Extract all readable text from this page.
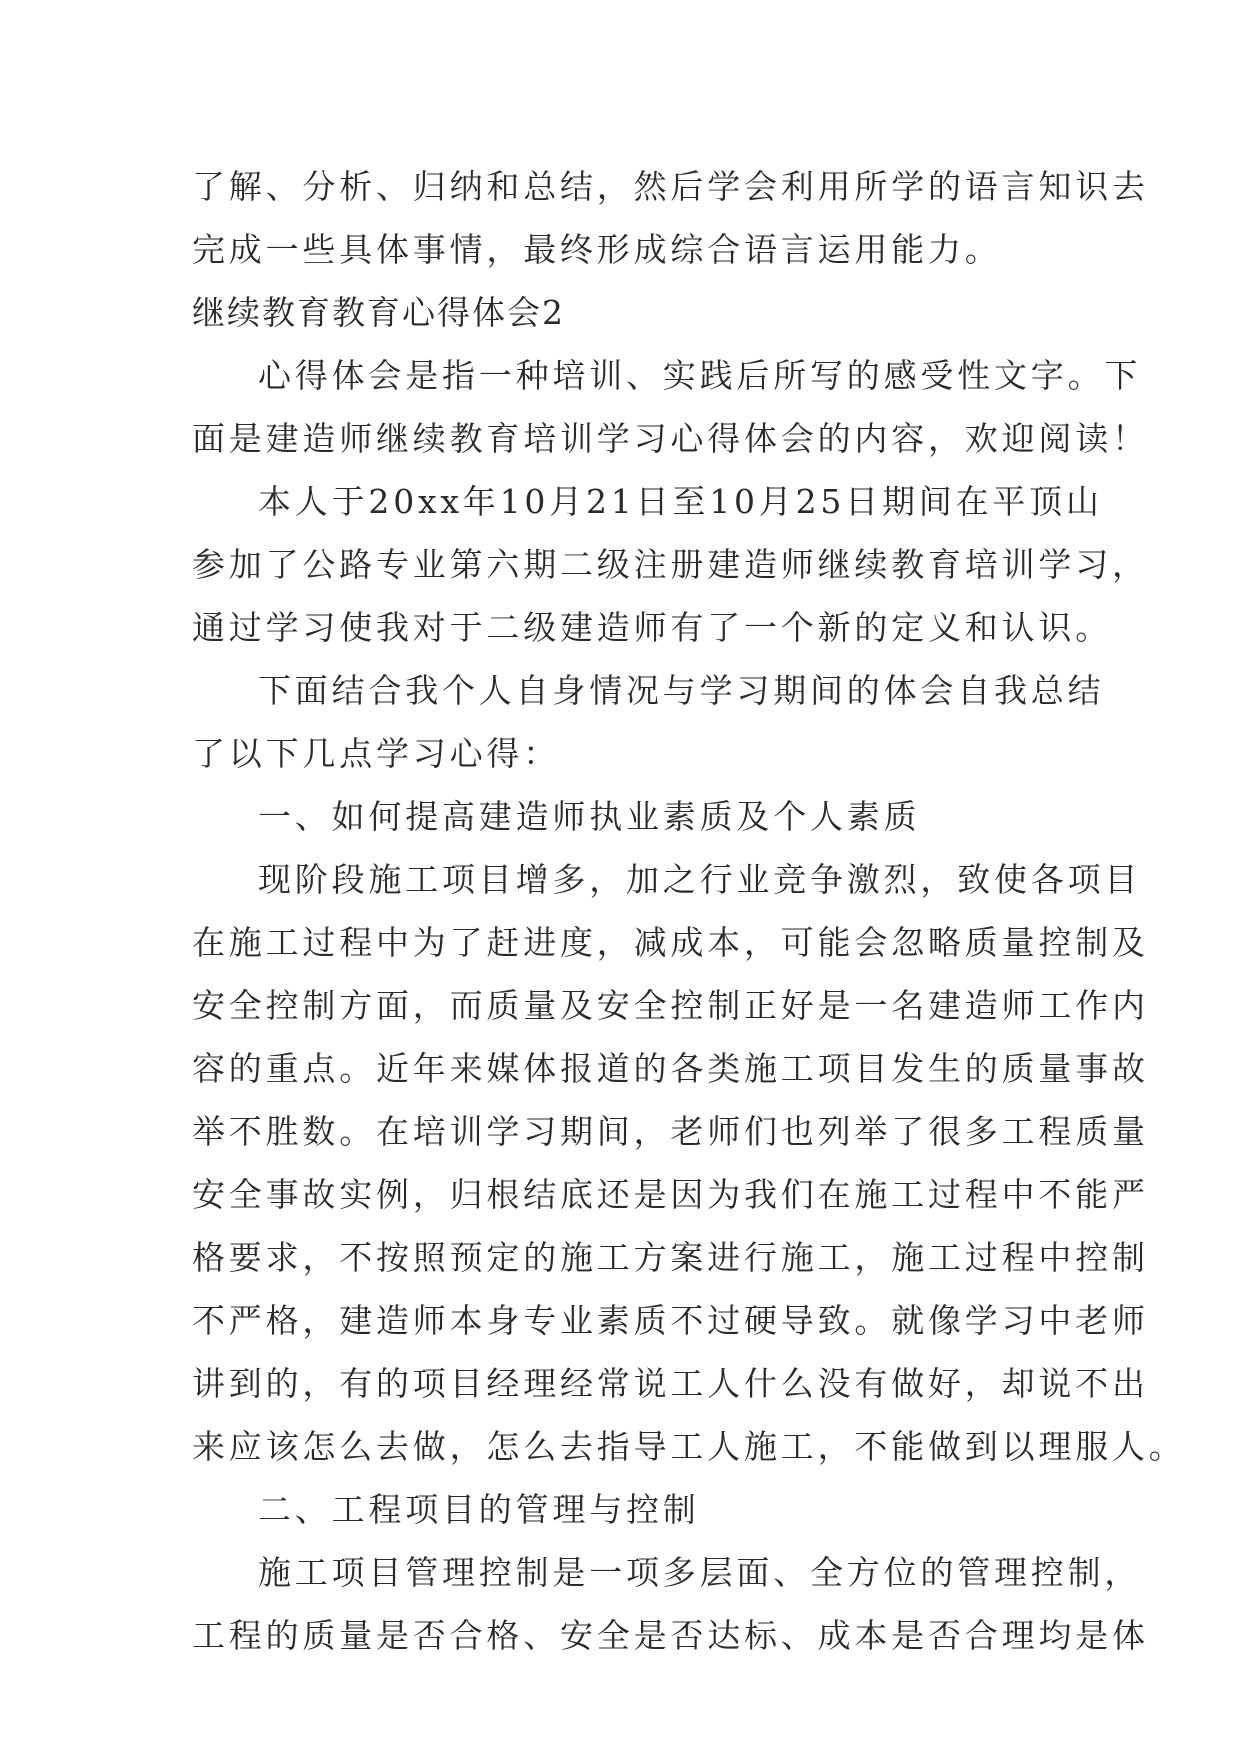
了解、分析、归纳和总结，然后学会利用所学的语言知识去
完成一些具体事情，最终形成综合语言运用能力。
继续教育教育心得体会2
心得体会是指一种培训、实践后所写的感受性文字。下
面是建造师继续教育培训学习心得体会的内容，欢迎阅读！
本人于20xx年10月21日至10月25日期间在平顶山
参加了公路专业第六期二级注册建造师继续教育培训学习，
通过学习使我对于二级建造师有了一个新的定义和认识。
下面结合我个人自身情况与学习期间的体会自我总结
了以下几点学习心得：
一、如何提高建造师执业素质及个人素质
现阶段施工项目增多，加之行业竞争激烈，致使各项目
在施工过程中为了赶进度，减成本，可能会忽略质量控制及
安全控制方面，而质量及安全控制正好是一名建造师工作内
容的重点。近年来媒体报道的各类施工项目发生的质量事故
举不胜数。在培训学习期间，老师们也列举了很多工程质量
安全事故实例，归根结底还是因为我们在施工过程中不能严
格要求，不按照预定的施工方案进行施工，施工过程中控制
不严格，建造师本身专业素质不过硬导致。就像学习中老师
讲到的，有的项目经理经常说工人什么没有做好，却说不出
来应该怎么去做，怎么去指导工人施工，不能做到以理服人。
二、工程项目的管理与控制
施工项目管理控制是一项多层面、全方位的管理控制，
工程的质量是否合格、安全是否达标、成本是否合理均是体
